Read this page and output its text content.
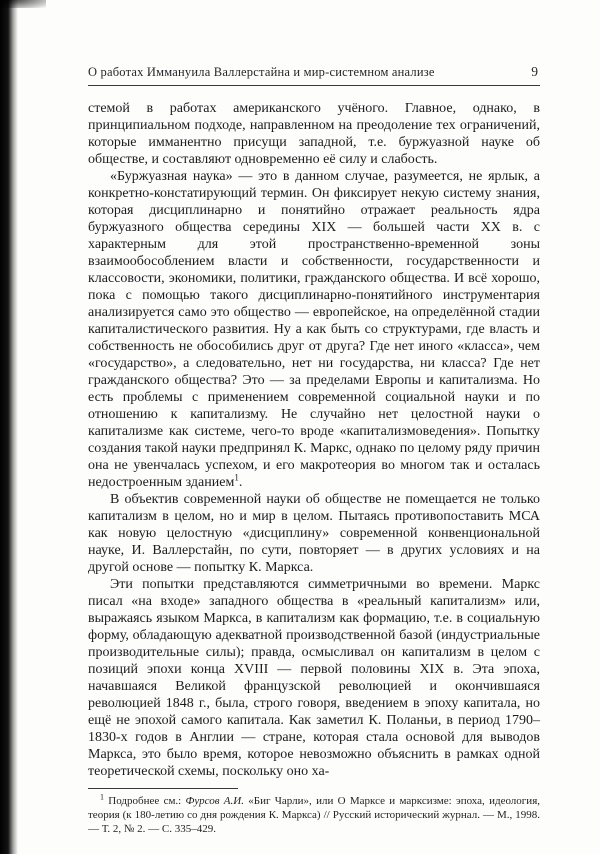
О работах Иммануила Валлерстайна и мир-системном анализе	9

стемой в работах американского учёного. Главное, однако, в принципиальном подходе, направленном на преодоление тех ограничений, которые имманентно присущи западной, т.е. буржуазной науке об обществе, и составляют одновременно её силу и слабость.

«Буржуазная наука» — это в данном случае, разумеется, не ярлык, а конкретно-констатирующий термин. Он фиксирует некую систему знания, которая дисциплинарно и понятийно отражает реальность ядра буржуазного общества середины XIX — большей части XX в. с характерным для этой пространственно-временной зоны взаимообособлением власти и собственности, государственности и классовости, экономики, политики, гражданского общества. И всё хорошо, пока с помощью такого дисциплинарно-понятийного инструментария анализируется само это общество — европейское, на определённой стадии капиталистического развития. Ну а как быть со структурами, где власть и собственность не обособились друг от друга? Где нет иного «класса», чем «государство», а следовательно, нет ни государства, ни класса? Где нет гражданского общества? Это — за пределами Европы и капитализма. Но есть проблемы с применением современной социальной науки и по отношению к капитализму. Не случайно нет целостной науки о капитализме как системе, чего-то вроде «капитализмоведения». Попытку создания такой науки предпринял К. Маркс, однако по целому ряду причин она не увенчалась успехом, и его макротеория во многом так и осталась недостроенным зданием$^1$.

В объектив современной науки об обществе не помещается не только капитализм в целом, но и мир в целом. Пытаясь противопоставить МСА как новую целостную «дисциплину» современной конвенциональной науке, И. Валлерстайн, по сути, повторяет — в других условиях и на другой основе — попытку К. Маркса.

Эти попытки представляются симметричными во времени. Маркс писал «на входе» западного общества в «реальный капитализм» или, выражаясь языком Маркса, в капитализм как формацию, т.е. в социальную форму, обладающую адекватной производственной базой (индустриальные производительные силы); правда, осмысливал он капитализм в целом с позиций эпохи конца XVIII — первой половины XIX в. Эта эпоха, начавшаяся Великой французской революцией и окончившаяся революцией 1848 г., была, строго говоря, введением в эпоху капитала, но ещё не эпохой самого капитала. Как заметил К. Поланьи, в период 1790–1830-х годов в Англии — стране, которая стала основой для выводов Маркса, это было время, которое невозможно объяснить в рамках одной теоретической схемы, поскольку оно ха-

$^1$ Подробнее см.: Фурсов А.И. «Биг Чарли», или О Марксе и марксизме: эпоха, идеология, теория (к 180-летию со дня рождения К. Маркса) // Русский исторический журнал. — М., 1998. — Т. 2, № 2. — С. 335–429.
